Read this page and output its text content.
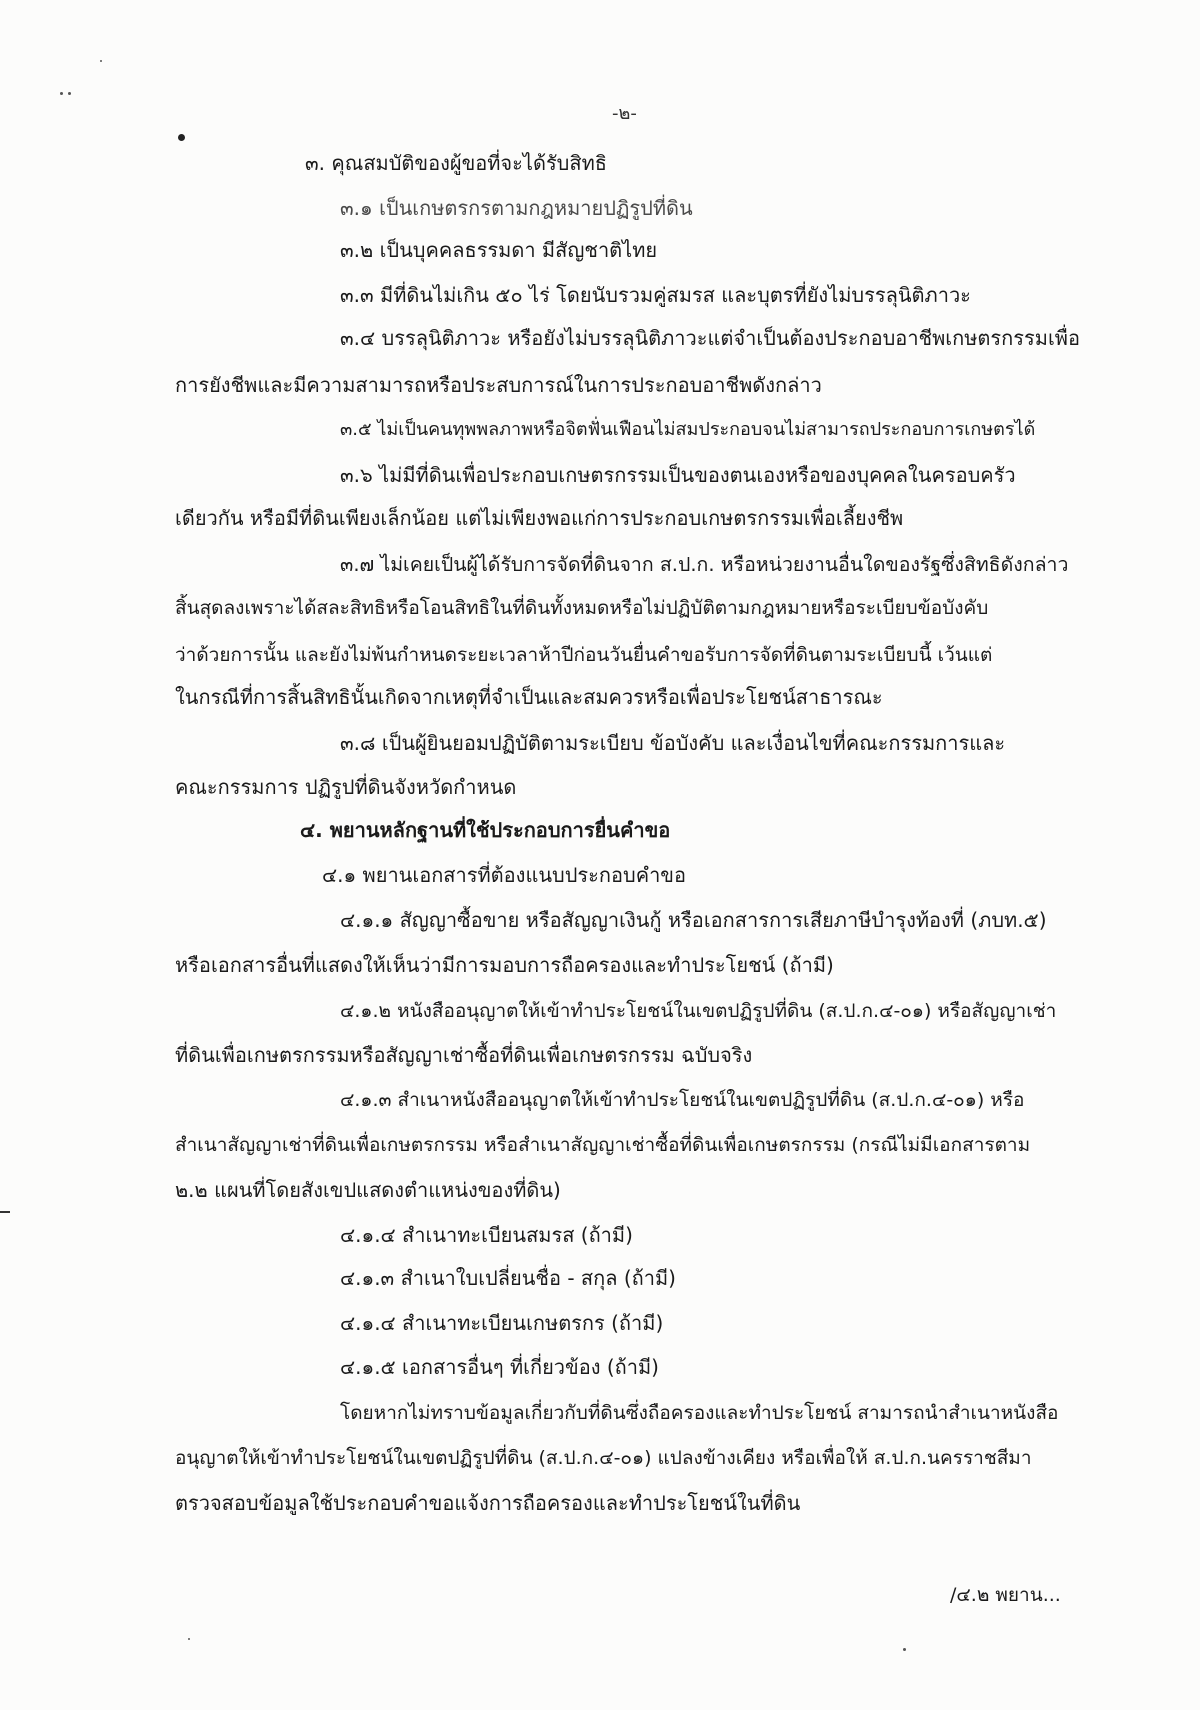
-๒-
๓. คุณสมบัติของผู้ขอที่จะได้รับสิทธิ
๓.๑ เป็นเกษตรกรตามกฎหมายปฏิรูปที่ดิน
๓.๒ เป็นบุคคลธรรมดา มีสัญชาติไทย
๓.๓ มีที่ดินไม่เกิน ๕๐ ไร่ โดยนับรวมคู่สมรส และบุตรที่ยังไม่บรรลุนิติภาวะ
๓.๔ บรรลุนิติภาวะ หรือยังไม่บรรลุนิติภาวะแต่จำเป็นต้องประกอบอาชีพเกษตรกรรมเพื่อ
การยังชีพและมีความสามารถหรือประสบการณ์ในการประกอบอาชีพดังกล่าว
๓.๕ ไม่เป็นคนทุพพลภาพหรือจิตฟั่นเฟือนไม่สมประกอบจนไม่สามารถประกอบการเกษตรได้
๓.๖ ไม่มีที่ดินเพื่อประกอบเกษตรกรรมเป็นของตนเองหรือของบุคคลในครอบครัว
เดียวกัน หรือมีที่ดินเพียงเล็กน้อย แต่ไม่เพียงพอแก่การประกอบเกษตรกรรมเพื่อเลี้ยงชีพ
๓.๗ ไม่เคยเป็นผู้ได้รับการจัดที่ดินจาก ส.ป.ก. หรือหน่วยงานอื่นใดของรัฐซึ่งสิทธิดังกล่าว
สิ้นสุดลงเพราะได้สละสิทธิหรือโอนสิทธิในที่ดินทั้งหมดหรือไม่ปฏิบัติตามกฎหมายหรือระเบียบข้อบังคับ
ว่าด้วยการนั้น และยังไม่พ้นกำหนดระยะเวลาห้าปีก่อนวันยื่นคำขอรับการจัดที่ดินตามระเบียบนี้ เว้นแต่
ในกรณีที่การสิ้นสิทธินั้นเกิดจากเหตุที่จำเป็นและสมควรหรือเพื่อประโยชน์สาธารณะ
๓.๘ เป็นผู้ยินยอมปฏิบัติตามระเบียบ ข้อบังคับ และเงื่อนไขที่คณะกรรมการและ
คณะกรรมการ ปฏิรูปที่ดินจังหวัดกำหนด
๔. พยานหลักฐานที่ใช้ประกอบการยื่นคำขอ
๔.๑ พยานเอกสารที่ต้องแนบประกอบคำขอ
๔.๑.๑ สัญญาซื้อขาย หรือสัญญาเงินกู้ หรือเอกสารการเสียภาษีบำรุงท้องที่ (ภบท.๕)
หรือเอกสารอื่นที่แสดงให้เห็นว่ามีการมอบการถือครองและทำประโยชน์ (ถ้ามี)
๔.๑.๒ หนังสืออนุญาตให้เข้าทำประโยชน์ในเขตปฏิรูปที่ดิน (ส.ป.ก.๔-๐๑) หรือสัญญาเช่า
ที่ดินเพื่อเกษตรกรรมหรือสัญญาเช่าซื้อที่ดินเพื่อเกษตรกรรม ฉบับจริง
๔.๑.๓ สำเนาหนังสืออนุญาตให้เข้าทำประโยชน์ในเขตปฏิรูปที่ดิน (ส.ป.ก.๔-๐๑) หรือ
สำเนาสัญญาเช่าที่ดินเพื่อเกษตรกรรม หรือสำเนาสัญญาเช่าซื้อที่ดินเพื่อเกษตรกรรม (กรณีไม่มีเอกสารตาม
๒.๒ แผนที่โดยสังเขปแสดงตำแหน่งของที่ดิน)
๔.๑.๔ สำเนาทะเบียนสมรส (ถ้ามี)
๔.๑.๓ สำเนาใบเปลี่ยนชื่อ - สกุล (ถ้ามี)
๔.๑.๔ สำเนาทะเบียนเกษตรกร (ถ้ามี)
๔.๑.๕ เอกสารอื่นๆ ที่เกี่ยวข้อง (ถ้ามี)
โดยหากไม่ทราบข้อมูลเกี่ยวกับที่ดินซึ่งถือครองและทำประโยชน์ สามารถนำสำเนาหนังสือ
อนุญาตให้เข้าทำประโยชน์ในเขตปฏิรูปที่ดิน (ส.ป.ก.๔-๐๑) แปลงข้างเคียง หรือเพื่อให้ ส.ป.ก.นครราชสีมา
ตรวจสอบข้อมูลใช้ประกอบคำขอแจ้งการถือครองและทำประโยชน์ในที่ดิน
/๔.๒ พยาน...
